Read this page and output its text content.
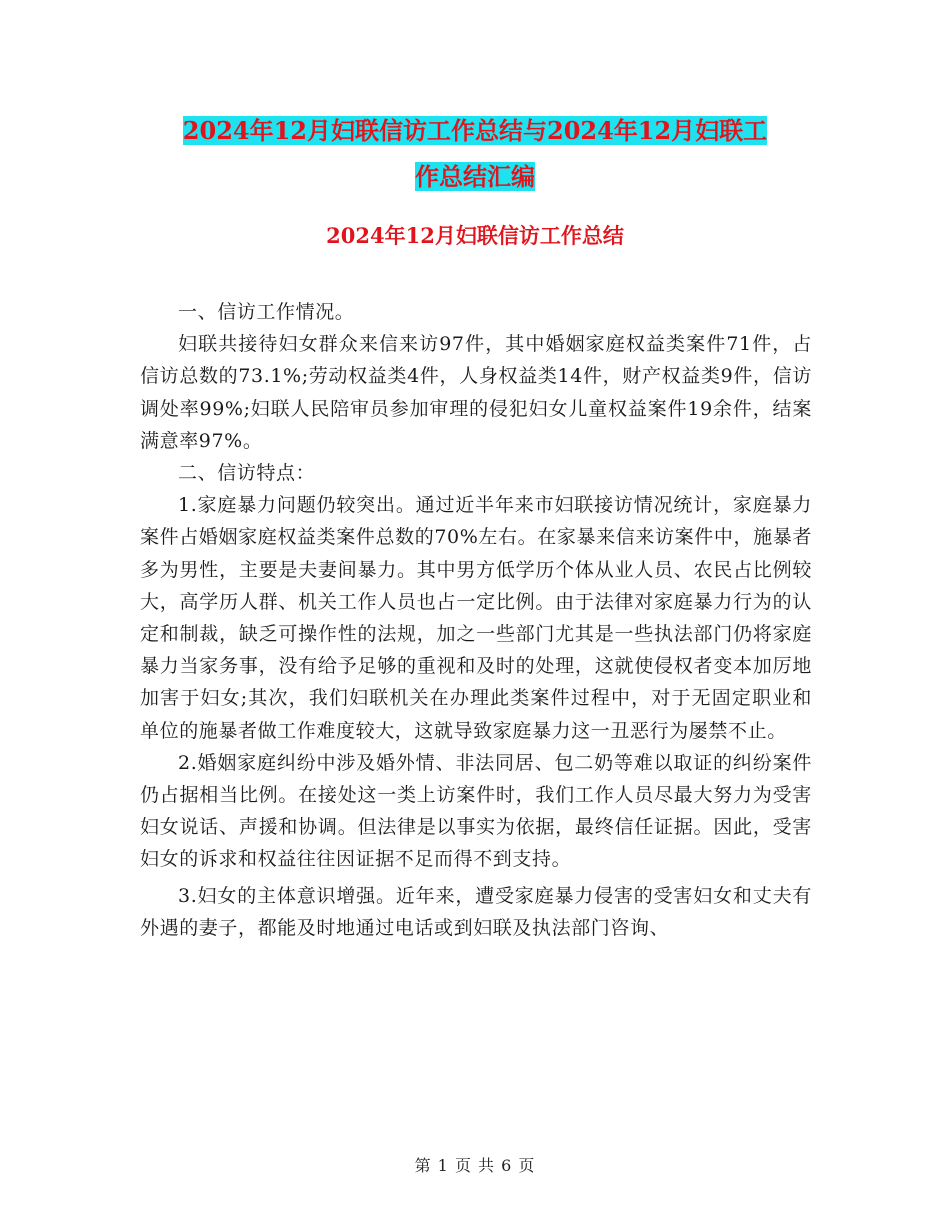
2024年12月妇联信访工作总结与2024年12月妇联工
作总结汇编
2024年12月妇联信访工作总结

一、信访工作情况。

妇联共接待妇女群众来信来访97件，其中婚姻家庭权益类案件71件，占信访总数的73.1%;劳动权益类4件，人身权益类14件，财产权益类9件，信访调处率99%;妇联人民陪审员参加审理的侵犯妇女儿童权益案件19余件，结案满意率97%。

二、信访特点：

1.家庭暴力问题仍较突出。通过近半年来市妇联接访情况统计，家庭暴力案件占婚姻家庭权益类案件总数的70%左右。在家暴来信来访案件中，施暴者多为男性，主要是夫妻间暴力。其中男方低学历个体从业人员、农民占比例较大，高学历人群、机关工作人员也占一定比例。由于法律对家庭暴力行为的认定和制裁，缺乏可操作性的法规，加之一些部门尤其是一些执法部门仍将家庭暴力当家务事，没有给予足够的重视和及时的处理，这就使侵权者变本加厉地加害于妇女;其次，我们妇联机关在办理此类案件过程中，对于无固定职业和单位的施暴者做工作难度较大，这就导致家庭暴力这一丑恶行为屡禁不止。

2.婚姻家庭纠纷中涉及婚外情、非法同居、包二奶等难以取证的纠纷案件仍占据相当比例。在接处这一类上访案件时，我们工作人员尽最大努力为受害妇女说话、声援和协调。但法律是以事实为依据，最终信任证据。因此，受害妇女的诉求和权益往往因证据不足而得不到支持。

3.妇女的主体意识增强。近年来，遭受家庭暴力侵害的受害妇女和丈夫有外遇的妻子，都能及时地通过电话或到妇联及执法部门咨询、

第 1 页 共 6 页
